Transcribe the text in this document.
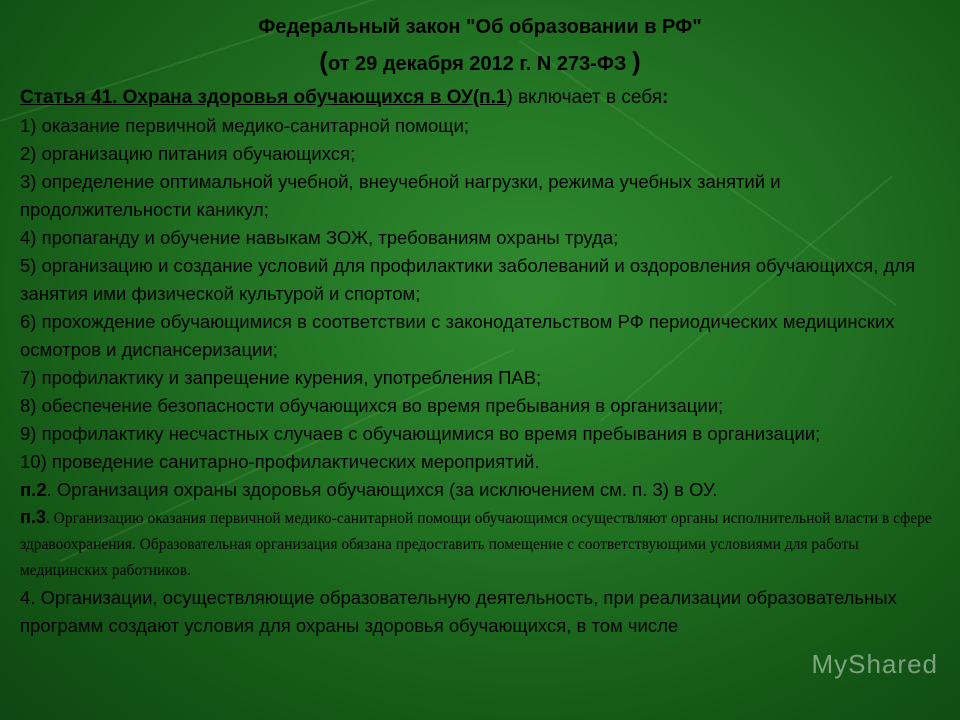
Федеральный закон "Об образовании в РФ"
(от 29 декабря 2012 г. N 273-ФЗ )

Статья 41. Охрана здоровья обучающихся в ОУ(п.1) включает в себя:

1) оказание первичной медико-санитарной помощи;

2) организацию питания обучающихся;

3) определение оптимальной учебной, внеучебной нагрузки, режима учебных занятий и продолжительности каникул;

4) пропаганду и обучение навыкам ЗОЖ, требованиям охраны труда;

5) организацию и создание условий для профилактики заболеваний и оздоровления обучающихся, для занятия ими физической культурой и спортом;

6) прохождение обучающимися в соответствии с законодательством РФ периодических медицинских осмотров и диспансеризации;

7) профилактику и запрещение курения, употребления ПАВ;

8) обеспечение безопасности обучающихся во время пребывания в организации;

9) профилактику несчастных случаев с обучающимися во время пребывания в организации;

10) проведение санитарно-профилактических мероприятий.

п.2. Организация охраны здоровья обучающихся (за исключением см. п. 3) в ОУ.

п.3. Организацию оказания первичной медико-санитарной помощи обучающимся осуществляют органы исполнительной власти в сфере здравоохранения. Образовательная организация обязана предоставить помещение с соответствующими условиями для работы медицинских работников.

4. Организации, осуществляющие образовательную деятельность, при реализации образовательных программ создают условия для охраны здоровья обучающихся, в том числе

MyShared
